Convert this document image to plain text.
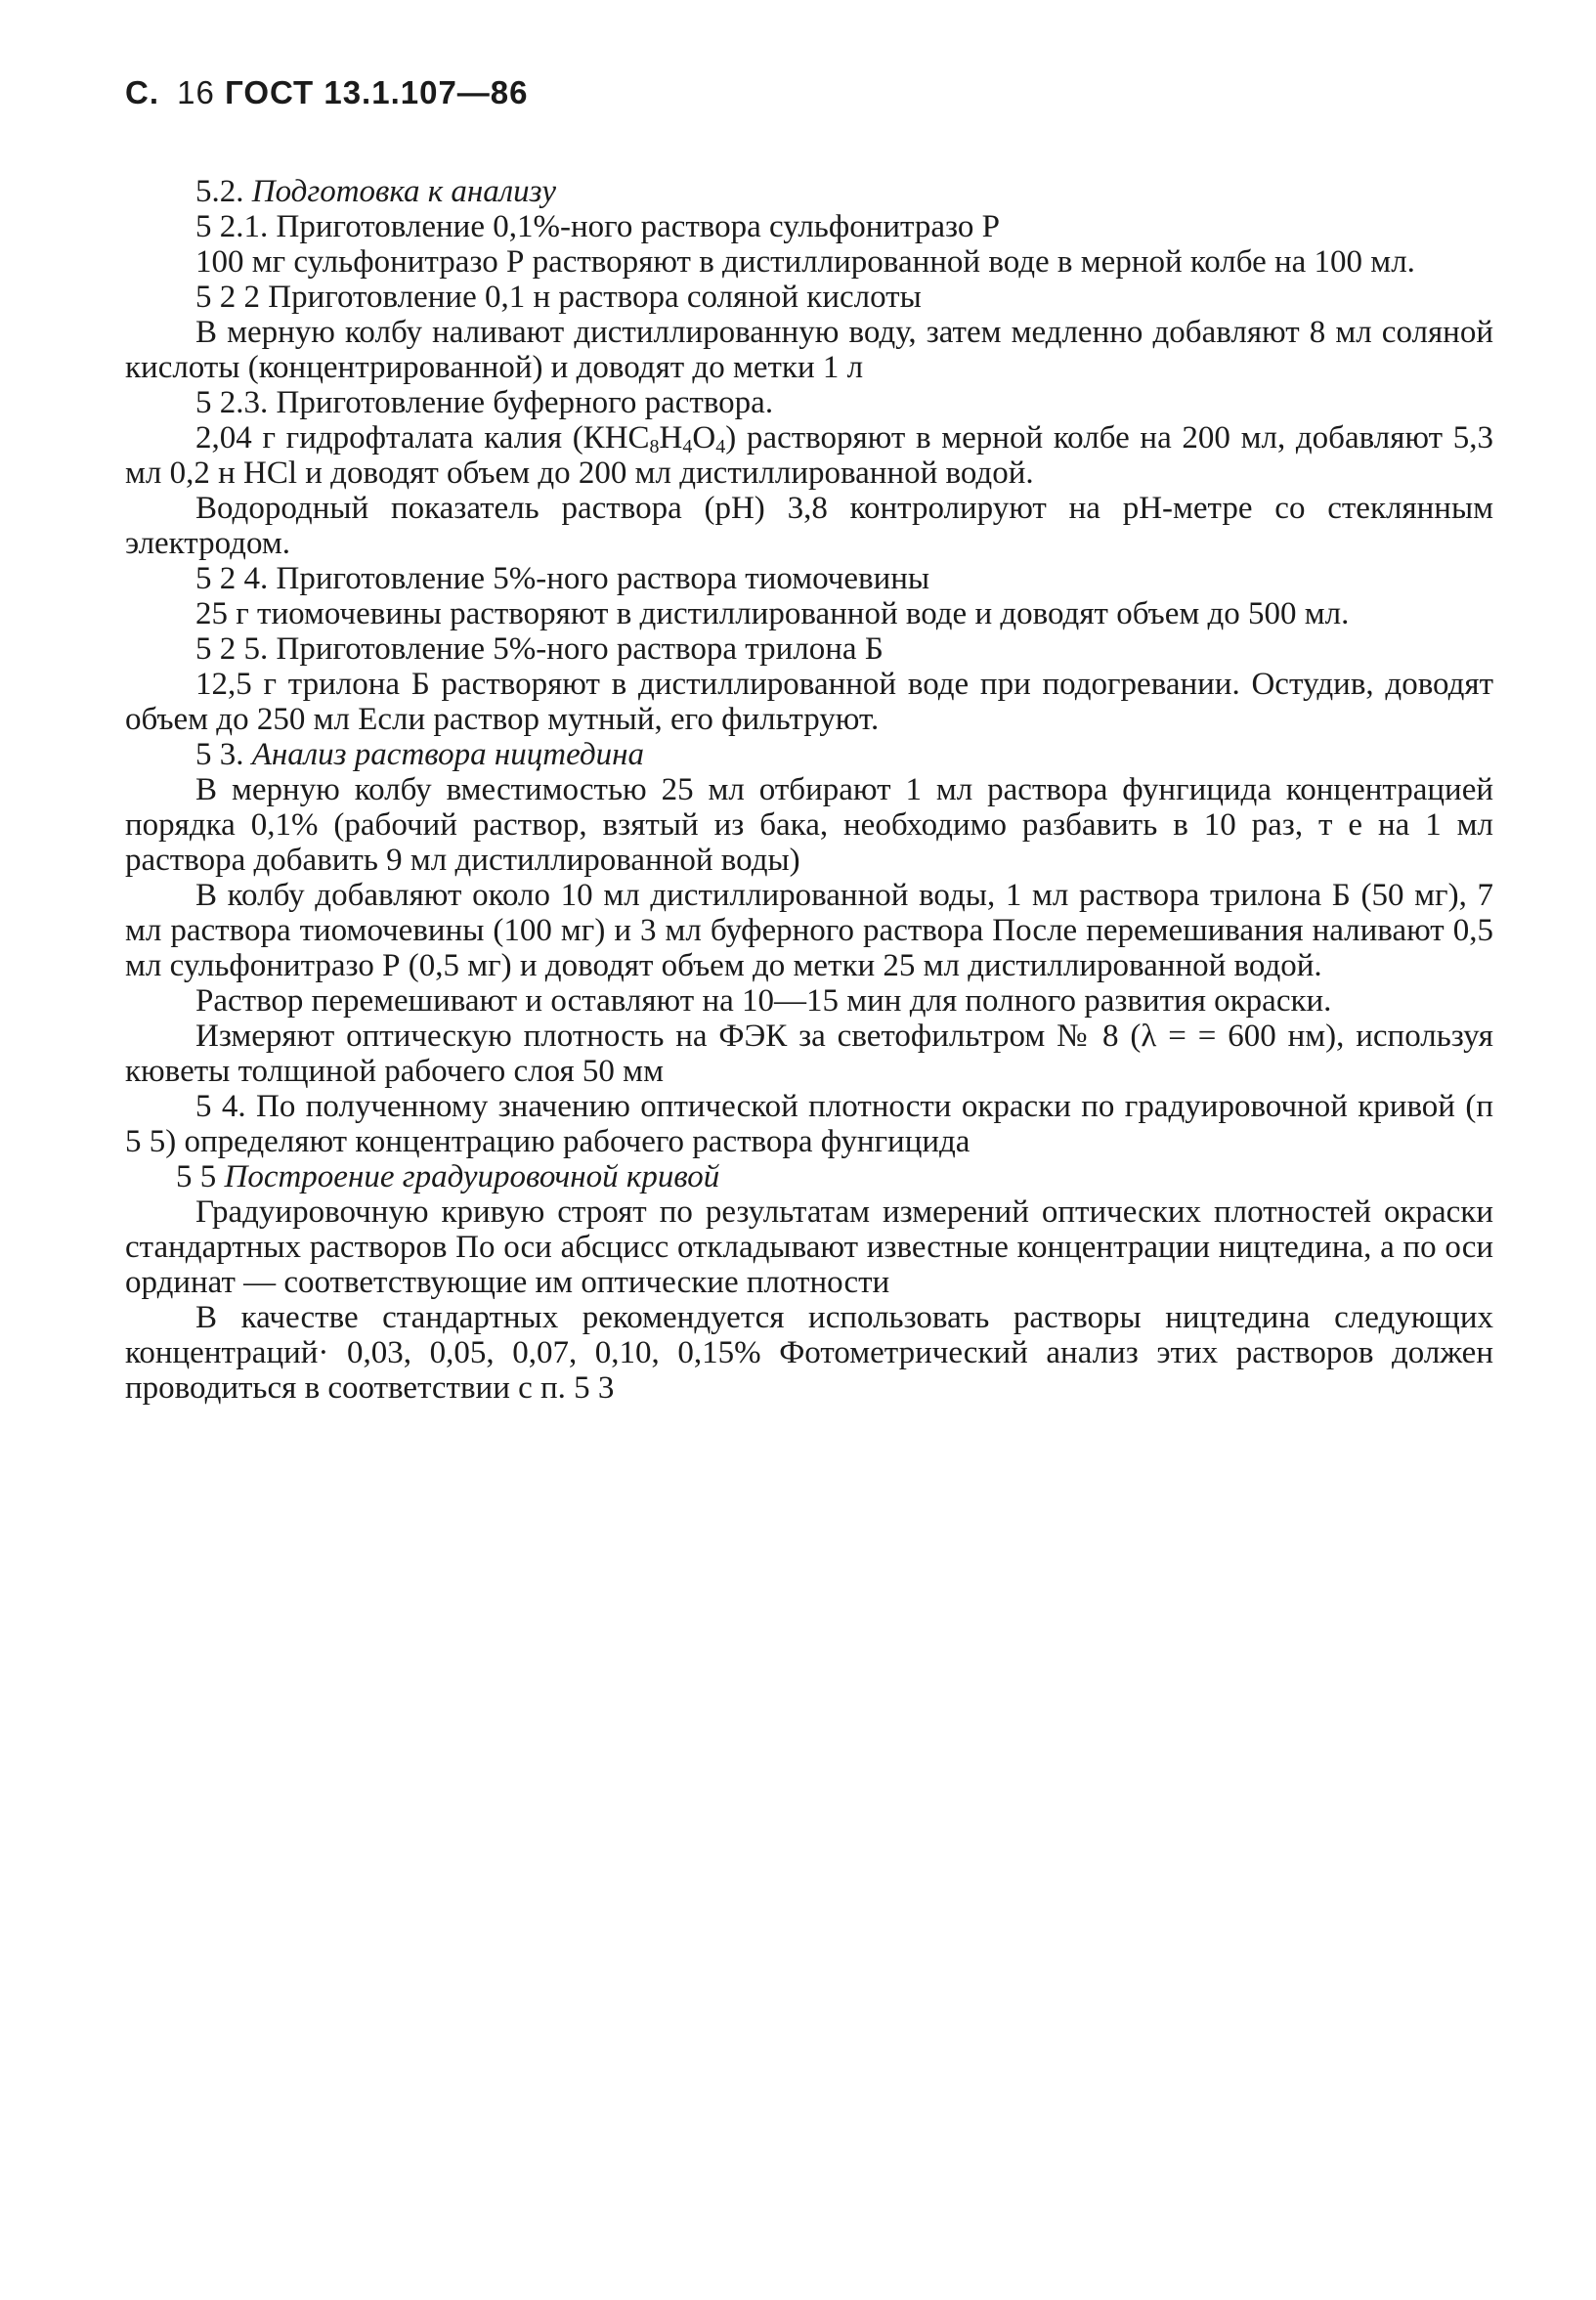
С. 16 ГОСТ 13.1.107—86

5.2. Подготовка к анализу

5 2.1. Приготовление 0,1%-ного раствора сульфонитразо Р

100 мг сульфонитразо Р растворяют в дистиллированной воде в мерной колбе на 100 мл.

5 2 2 Приготовление 0,1 н раствора соляной кислоты

В мерную колбу наливают дистиллированную воду, затем медленно добавляют 8 мл соляной кислоты (концентрированной) и доводят до метки 1 л

5 2.3. Приготовление буферного раствора.

2,04 г гидрофталата калия $(КНС_8Н_4О_4)$ растворяют в мерной колбе на 200 мл, добавляют 5,3 мл 0,2 н НСl и доводят объем до 200 мл дистиллированной водой.

Водородный показатель раствора (рН) 3,8 контролируют на рН-метре со стеклянным электродом.

5 2 4. Приготовление 5%-ного раствора тиомочевины

25 г тиомочевины растворяют в дистиллированной воде и доводят объем до 500 мл.

5 2 5. Приготовление 5%-ного раствора трилона Б

12,5 г трилона Б растворяют в дистиллированной воде при подогревании. Остудив, доводят объем до 250 мл Если раствор мутный, его фильтруют.

5 3. Анализ раствора ництедина

В мерную колбу вместимостью 25 мл отбирают 1 мл раствора фунгицида концентрацией порядка 0,1% (рабочий раствор, взятый из бака, необходимо разбавить в 10 раз, т е на 1 мл раствора добавить 9 мл дистиллированной воды)

В колбу добавляют около 10 мл дистиллированной воды, 1 мл раствора трилона Б (50 мг), 7 мл раствора тиомочевины (100 мг) и 3 мл буферного раствора После перемешивания наливают 0,5 мл сульфонитразо Р (0,5 мг) и доводят объем до метки 25 мл дистиллированной водой.

Раствор перемешивают и оставляют на 10—15 мин для полного развития окраски.

Измеряют оптическую плотность на ФЭК за светофильтром № 8 (λ = = 600 нм), используя кюветы толщиной рабочего слоя 50 мм

5 4. По полученному значению оптической плотности окраски по градуировочной кривой (п 5 5) определяют концентрацию рабочего раствора фунгицида

5 5 Построение градуировочной кривой

Градуировочную кривую строят по результатам измерений оптических плотностей окраски стандартных растворов По оси абсцисс откладывают известные концентрации ництедина, а по оси ординат — соответствующие им оптические плотности

В качестве стандартных рекомендуется использовать растворы ництедина следующих концентраций· 0,03, 0,05, 0,07, 0,10, 0,15% Фотометрический анализ этих растворов должен проводиться в соответствии с п. 5 3
